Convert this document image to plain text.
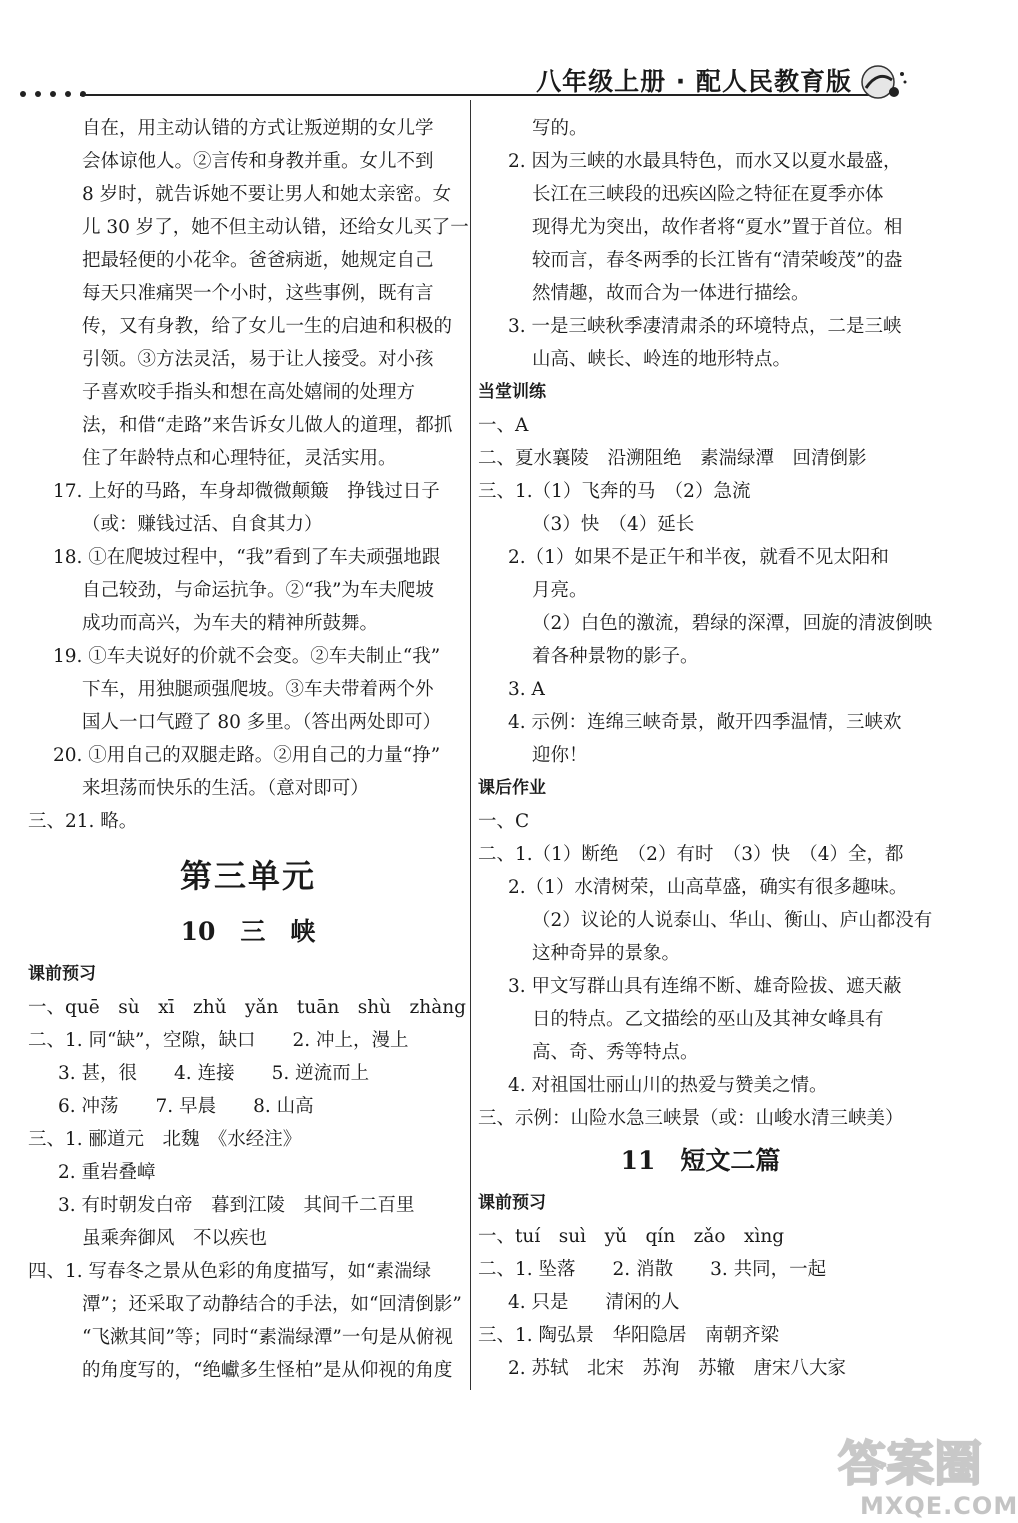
八年级上册 · 配人民教育版
自在，用主动认错的方式让叛逆期的女儿学
会体谅他人。②言传和身教并重。女儿不到
8 岁时，就告诉她不要让男人和她太亲密。女
儿 30 岁了，她不但主动认错，还给女儿买了一
把最轻便的小花伞。爸爸病逝，她规定自己
每天只准痛哭一个小时，这些事例，既有言
传，又有身教，给了女儿一生的启迪和积极的
引领。③方法灵活，易于让人接受。对小孩
子喜欢咬手指头和想在高处嬉闹的处理方
法，和借“走路”来告诉女儿做人的道理，都抓
住了年龄特点和心理特征，灵活实用。
17. 上好的马路，车身却微微颠簸　挣钱过日子
（或：赚钱过活、自食其力）
18. ①在爬坡过程中，“我”看到了车夫顽强地跟
自己较劲，与命运抗争。②“我”为车夫爬坡
成功而高兴，为车夫的精神所鼓舞。
19. ①车夫说好的价就不会变。②车夫制止“我”
下车，用独腿顽强爬坡。③车夫带着两个外
国人一口气蹬了 80 多里。（答出两处即可）
20. ①用自己的双腿走路。②用自己的力量“挣”
来坦荡而快乐的生活。（意对即可）
三、21. 略。
第三单元
10　三　峡
课前预习
一、quē　sù　xī　zhǔ　yǎn　tuān　shù　zhàng
二、1. 同“缺”，空隙，缺口　　2. 冲上，漫上
3. 甚，很　　4. 连接　　5. 逆流而上
6. 冲荡　　7. 早晨　　8. 山高
三、1. 郦道元　北魏　《水经注》
2. 重岩叠嶂
3. 有时朝发白帝　暮到江陵　其间千二百里
虽乘奔御风　不以疾也
四、1. 写春冬之景从色彩的角度描写，如“素湍绿
潭”；还采取了动静结合的手法，如“回清倒影”
“飞漱其间”等；同时“素湍绿潭”一句是从俯视
的角度写的，“绝巘多生怪柏”是从仰视的角度
写的。
2. 因为三峡的水最具特色，而水又以夏水最盛，
长江在三峡段的迅疾凶险之特征在夏季亦体
现得尤为突出，故作者将“夏水”置于首位。相
较而言，春冬两季的长江皆有“清荣峻茂”的盎
然情趣，故而合为一体进行描绘。
3. 一是三峡秋季凄清肃杀的环境特点，二是三峡
山高、峡长、岭连的地形特点。
当堂训练
一、A
二、夏水襄陵　沿溯阻绝　素湍绿潭　回清倒影
三、1.（1）飞奔的马　（2）急流
（3）快　（4）延长
2.（1）如果不是正午和半夜，就看不见太阳和
月亮。
（2）白色的激流，碧绿的深潭，回旋的清波倒映
着各种景物的影子。
3. A
4. 示例：连绵三峡奇景，敞开四季温情，三峡欢
迎你！
课后作业
一、C
二、1.（1）断绝　（2）有时　（3）快　（4）全，都
2.（1）水清树荣，山高草盛，确实有很多趣味。
（2）议论的人说泰山、华山、衡山、庐山都没有
这种奇异的景象。
3. 甲文写群山具有连绵不断、雄奇险拔、遮天蔽
日的特点。乙文描绘的巫山及其神女峰具有
高、奇、秀等特点。
4. 对祖国壮丽山川的热爱与赞美之情。
三、示例：山险水急三峡景（或：山峻水清三峡美）
11　短文二篇
课前预习
一、tuí　suì　yǔ　qín　zǎo　xìng
二、1. 坠落　　2. 消散　　3. 共同，一起
4. 只是　　清闲的人
三、1. 陶弘景　华阳隐居　南朝齐梁
2. 苏轼　北宋　苏洵　苏辙　唐宋八大家
答案圈
MXQE.COM
